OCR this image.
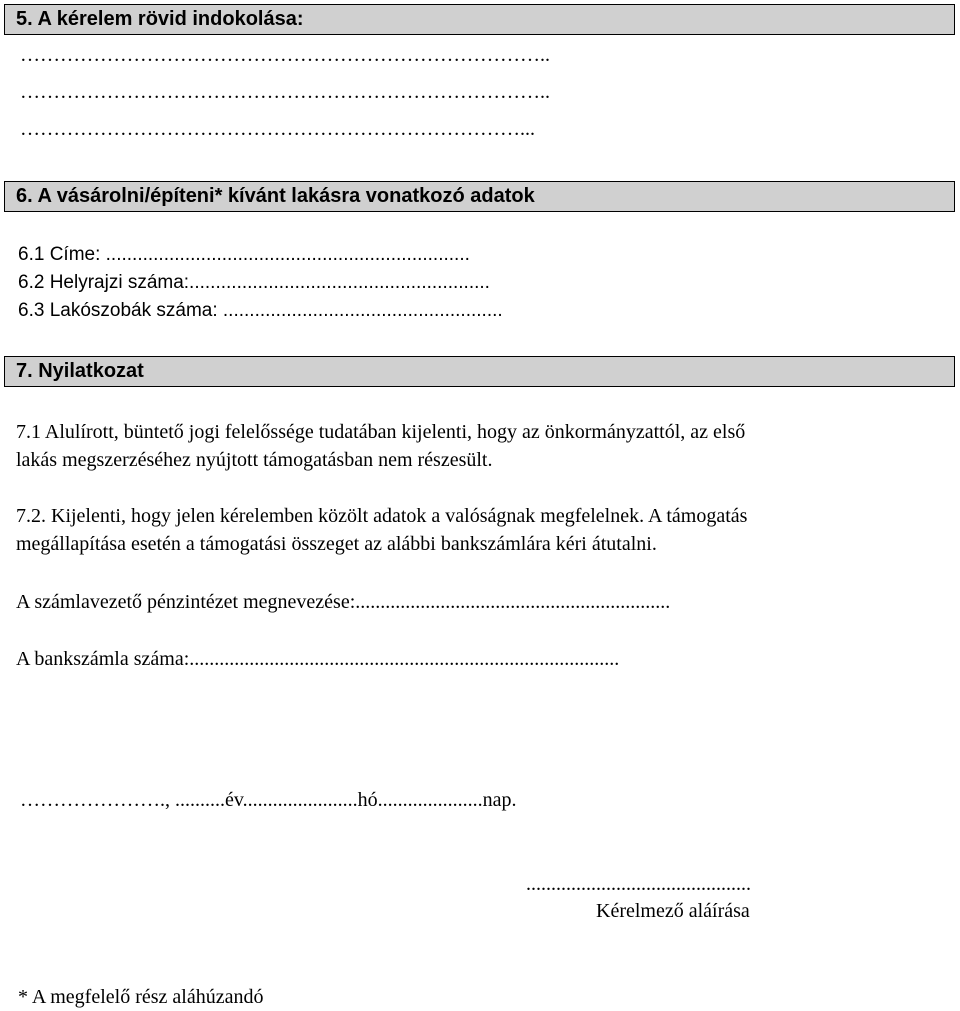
5. A kérelem rövid indokolása:
……………………………………………………………………..
……………………………………………………………………..
…………………………………………………………………...
6. A vásárolni/építeni* kívánt lakásra vonatkozó adatok
6.1 Címe: .....................................................................
6.2 Helyrajzi száma:.........................................................
6.3 Lakószobák száma: .....................................................
7. Nyilatkozat
7.1 Alulírott, büntető jogi felelőssége tudatában kijelenti, hogy az önkormányzattól, az első
lakás megszerzéséhez nyújtott támogatásban nem részesült.
7.2. Kijelenti, hogy jelen kérelemben közölt adatok a valóságnak megfelelnek. A támogatás
megállapítása esetén a támogatási összeget az alábbi bankszámlára kéri átutalni.
A számlavezető pénzintézet megnevezése:...............................................................
A bankszámla száma:......................................................................................
…………………., ..........év.......................hó.....................nap.
.............................................
Kérelmező aláírása
* A megfelelő rész aláhúzandó
